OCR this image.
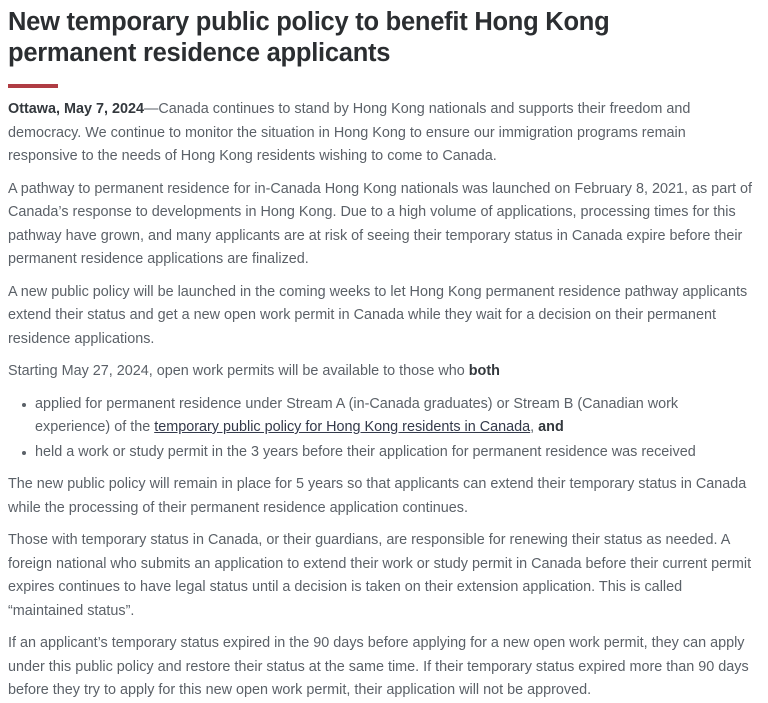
New temporary public policy to benefit Hong Kong permanent residence applicants

Ottawa, May 7, 2024—Canada continues to stand by Hong Kong nationals and supports their freedom and democracy. We continue to monitor the situation in Hong Kong to ensure our immigration programs remain responsive to the needs of Hong Kong residents wishing to come to Canada.

A pathway to permanent residence for in-Canada Hong Kong nationals was launched on February 8, 2021, as part of Canada’s response to developments in Hong Kong. Due to a high volume of applications, processing times for this pathway have grown, and many applicants are at risk of seeing their temporary status in Canada expire before their permanent residence applications are finalized.

A new public policy will be launched in the coming weeks to let Hong Kong permanent residence pathway applicants extend their status and get a new open work permit in Canada while they wait for a decision on their permanent residence applications.

Starting May 27, 2024, open work permits will be available to those who both

applied for permanent residence under Stream A (in-Canada graduates) or Stream B (Canadian work experience) of the temporary public policy for Hong Kong residents in Canada, and
held a work or study permit in the 3 years before their application for permanent residence was received

The new public policy will remain in place for 5 years so that applicants can extend their temporary status in Canada while the processing of their permanent residence application continues.

Those with temporary status in Canada, or their guardians, are responsible for renewing their status as needed. A foreign national who submits an application to extend their work or study permit in Canada before their current permit expires continues to have legal status until a decision is taken on their extension application. This is called “maintained status”.

If an applicant’s temporary status expired in the 90 days before applying for a new open work permit, they can apply under this public policy and restore their status at the same time. If their temporary status expired more than 90 days before they try to apply for this new open work permit, their application will not be approved.
